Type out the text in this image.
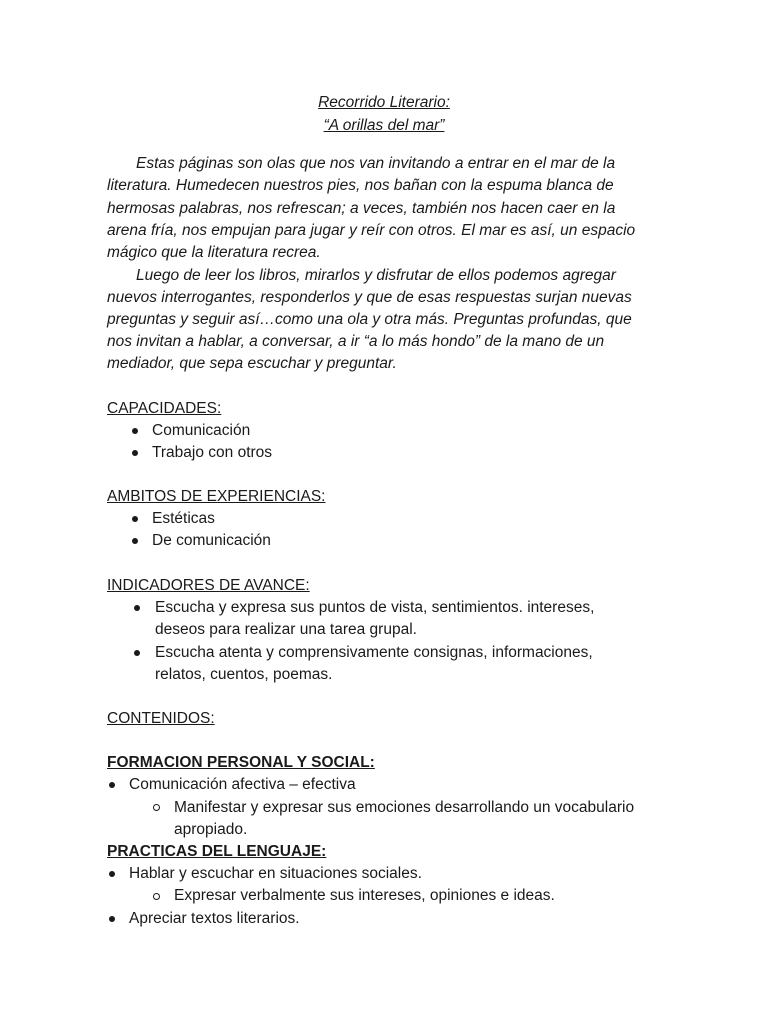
Recorrido Literario:
“A orillas del mar”
Estas páginas son olas que nos van invitando a entrar en el mar de la
literatura. Humedecen nuestros pies, nos bañan con la espuma blanca de
hermosas palabras, nos refrescan; a veces, también nos hacen caer en la
arena fría, nos empujan para jugar y reír con otros. El mar es así, un espacio
mágico que la literatura recrea.
Luego de leer los libros, mirarlos y disfrutar de ellos podemos agregar
nuevos interrogantes, responderlos y que de esas respuestas surjan nuevas
preguntas y seguir así…como una ola y otra más. Preguntas profundas, que
nos invitan a hablar, a conversar, a ir “a lo más hondo” de la mano de un
mediador, que sepa escuchar y preguntar.
CAPACIDADES:
Comunicación
Trabajo con otros
AMBITOS DE EXPERIENCIAS:
Estéticas
De comunicación
INDICADORES DE AVANCE:
Escucha y expresa sus puntos de vista, sentimientos. intereses,
deseos para realizar una tarea grupal.
Escucha atenta y comprensivamente consignas, informaciones,
relatos, cuentos, poemas.
CONTENIDOS:
FORMACION PERSONAL Y SOCIAL:
Comunicación afectiva – efectiva
Manifestar y expresar sus emociones desarrollando un vocabulario
apropiado.
PRACTICAS DEL LENGUAJE:
Hablar y escuchar en situaciones sociales.
Expresar verbalmente sus intereses, opiniones e ideas.
Apreciar textos literarios.
